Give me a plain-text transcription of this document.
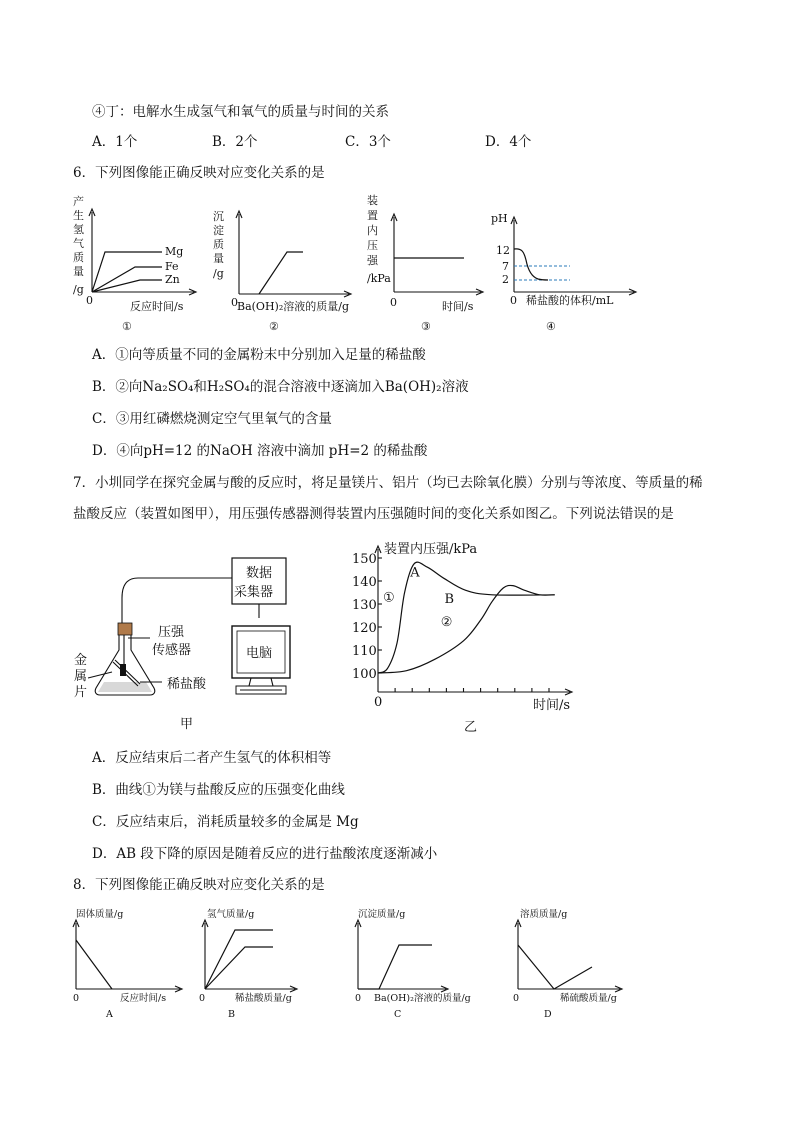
④丁：电解水生成氢气和氧气的质量与时间的关系
A．1个	B．2个	C．3个	D．4个
6．下列图像能正确反映对应变化关系的是
产
生
氢
气
质
量
/g
Mg
Fe
Zn
0	反应时间/s
①
沉
淀
质
量
/g
0 Ba(OH)₂溶液的质量/g
②
装
置
内
压
强
/kPa
0	时间/s
③
pH
12
7
2
0 稀盐酸的体积/mL
④
A．①向等质量不同的金属粉末中分别加入足量的稀盐酸
B．②向Na₂SO₄和H₂SO₄的混合溶液中逐滴加入Ba(OH)₂溶液
C．③用红磷燃烧测定空气里氧气的含量
D．④向pH=12 的NaOH 溶液中滴加 pH=2 的稀盐酸
7．小圳同学在探究金属与酸的反应时，将足量镁片、铝片（均已去除氧化膜）分别与等浓度、等质量的稀
盐酸反应（装置如图甲），用压强传感器测得装置内压强随时间的变化关系如图乙。下列说法错误的是
数据
采集器
电脑
压强
传感器
稀盐酸
金
属
片
甲
装置内压强/kPa
时间/s
0
乙
100
110
120
130
140
150
①
②
A
B
A．反应结束后二者产生氢气的体积相等
B．曲线①为镁与盐酸反应的压强变化曲线
C．反应结束后，消耗质量较多的金属是 Mg
D．AB 段下降的原因是随着反应的进行盐酸浓度逐渐减小
8．下列图像能正确反映对应变化关系的是
固体质量/g
0	反应时间/s
A
氢气质量/g
0	稀盐酸质量/g
B
沉淀质量/g
0 Ba(OH)₂溶液的质量/g
C
溶质质量/g
0	稀硫酸质量/g
D
